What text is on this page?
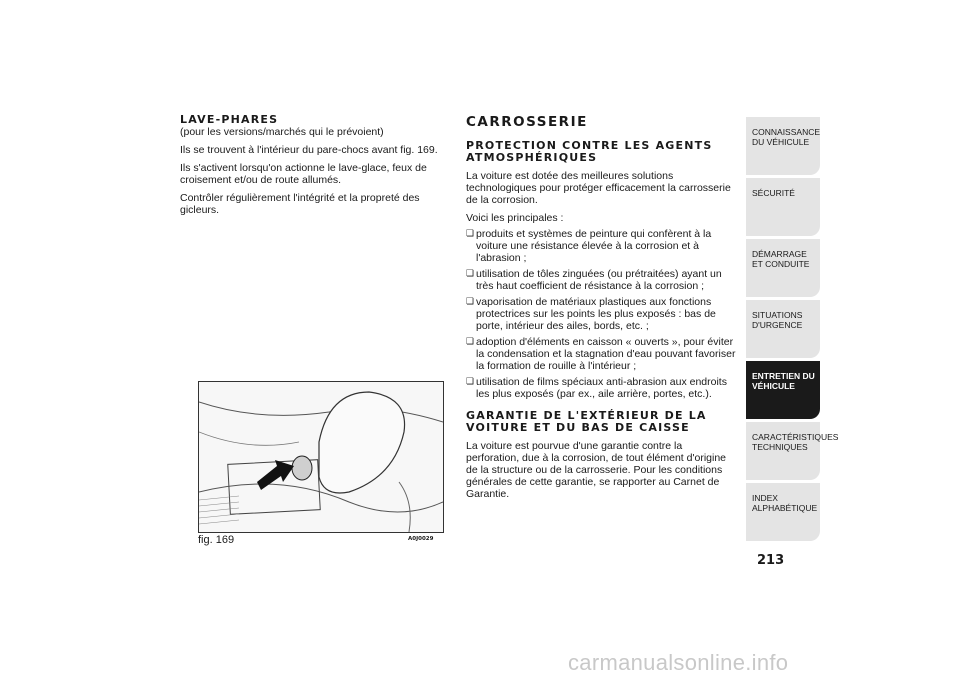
LAVE-PHARES

(pour les versions/marchés qui le prévoient)

Ils se trouvent à l'intérieur du pare-chocs avant fig. 169.

Ils s'activent lorsqu'on actionne le lave-glace, feux de croisement et/ou de route allumés.

Contrôler régulièrement l'intégrité et la propreté des gicleurs.

fig. 169	A0J0029
CARROSSERIE
PROTECTION CONTRE LES AGENTS ATMOSPHÉRIQUES

La voiture est dotée des meilleures solutions technologiques pour protéger efficacement la carrosserie de la corrosion.

Voici les principales :

❏ produits et systèmes de peinture qui confèrent à la voiture une résistance élevée à la corrosion et à l'abrasion ;
❏ utilisation de tôles zinguées (ou prétraitées) ayant un très haut coefficient de résistance à la corrosion ;
❏ vaporisation de matériaux plastiques aux fonctions protectrices sur les points les plus exposés : bas de porte, intérieur des ailes, bords, etc. ;
❏ adoption d'éléments en caisson « ouverts », pour éviter la condensation et la stagnation d'eau pouvant favoriser la formation de rouille à l'intérieur ;
❏ utilisation de films spéciaux anti-abrasion aux endroits les plus exposés (par ex., aile arrière, portes, etc.).
GARANTIE DE L'EXTÉRIEUR DE LA VOITURE ET DU BAS DE CAISSE

La voiture est pourvue d'une garantie contre la perforation, due à la corrosion, de tout élément d'origine de la structure ou de la carrosserie. Pour les conditions générales de cette garantie, se rapporter au Carnet de Garantie.

CONNAISSANCE DU VÉHICULE
SÉCURITÉ
DÉMARRAGE ET CONDUITE
SITUATIONS D'URGENCE
ENTRETIEN DU VÉHICULE
CARACTÉRISTIQUES TECHNIQUES
INDEX ALPHABÉTIQUE
213
carmanualsonline.info
